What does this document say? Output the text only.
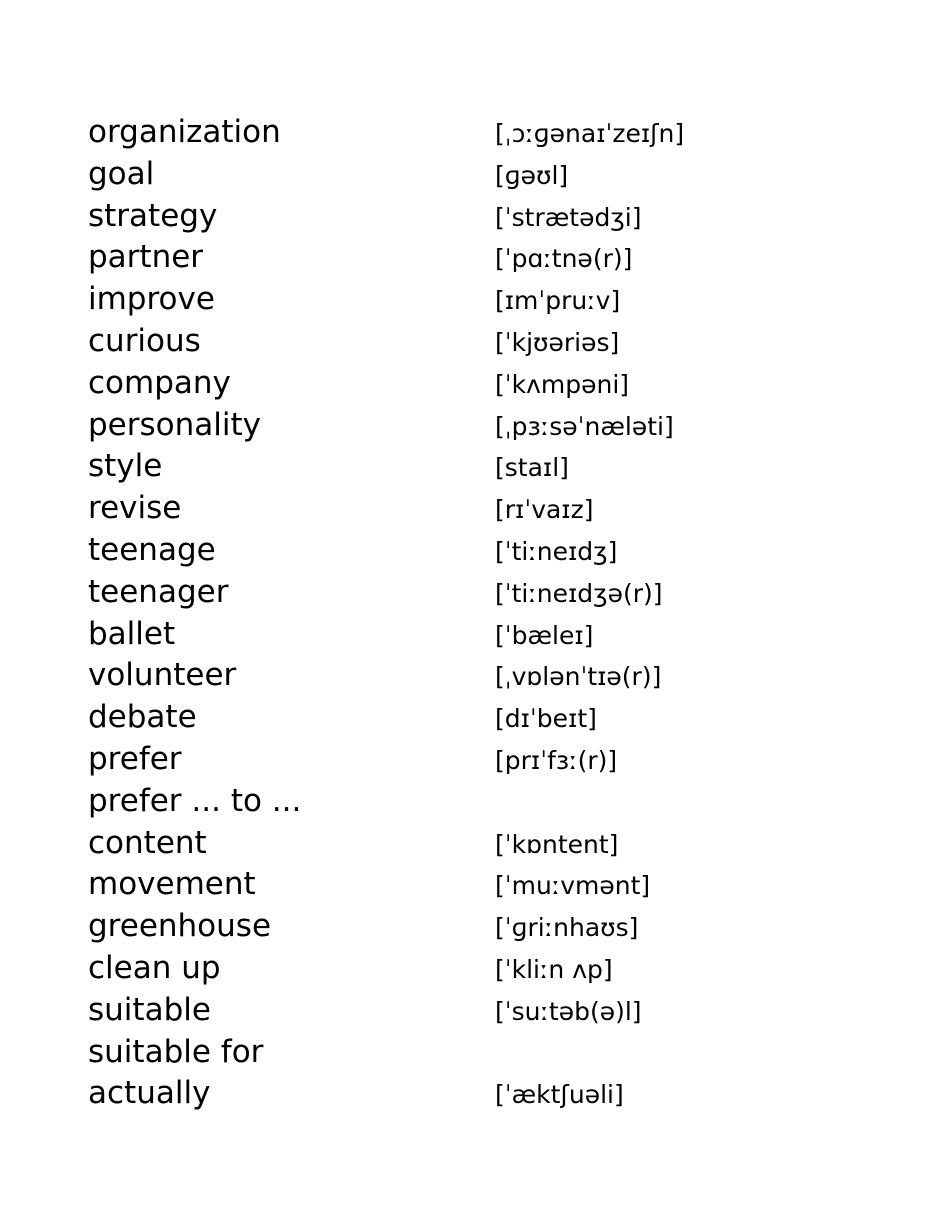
organization	[ˌɔːɡənaɪˈzeɪʃn]
goal	[ɡəʊl]
strategy	[ˈstrætədʒi]
partner	[ˈpɑːtnə(r)]
improve	[ɪmˈpruːv]
curious	[ˈkjʊəriəs]
company	[ˈkʌmpəni]
personality	[ˌpɜːsəˈnæləti]
style	[staɪl]
revise	[rɪˈvaɪz]
teenage	[ˈtiːneɪdʒ]
teenager	[ˈtiːneɪdʒə(r)]
ballet	[ˈbæleɪ]
volunteer	[ˌvɒlənˈtɪə(r)]
debate	[dɪˈbeɪt]
prefer	[prɪˈfɜː(r)]
prefer ... to ...
content	[ˈkɒntent]
movement	[ˈmuːvmənt]
greenhouse	[ˈɡriːnhaʊs]
clean up	[ˈkliːn ʌp]
suitable	[ˈsuːtəb(ə)l]
suitable for
actually	[ˈæktʃuəli]
